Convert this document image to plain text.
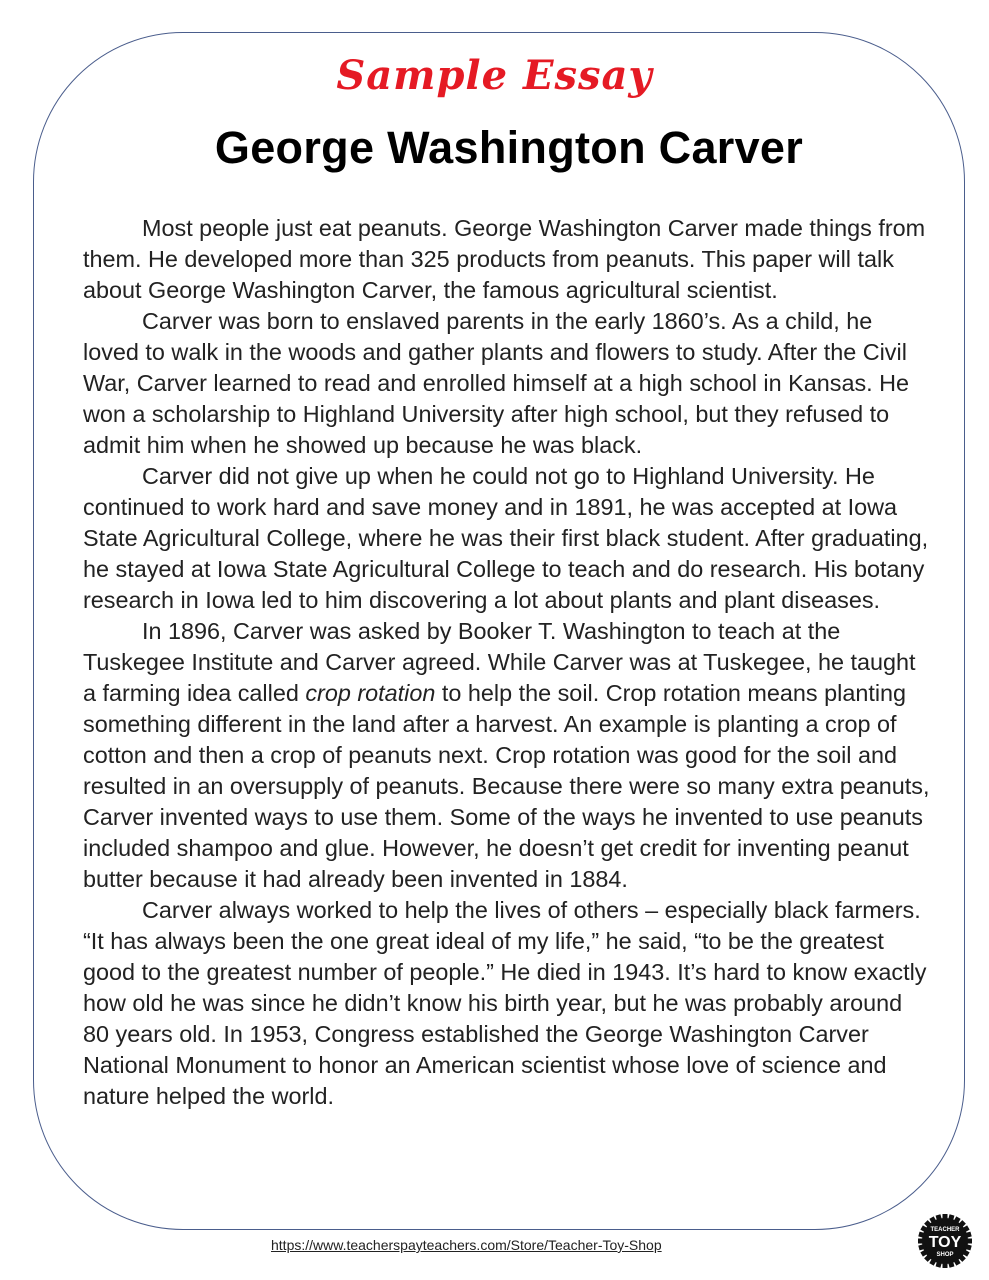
Sample Essay
George Washington Carver

Most people just eat peanuts. George Washington Carver made things from them. He developed more than 325 products from peanuts. This paper will talk about George Washington Carver, the famous agricultural scientist.

Carver was born to enslaved parents in the early 1860’s. As a child, he loved to walk in the woods and gather plants and flowers to study. After the Civil War, Carver learned to read and enrolled himself at a high school in Kansas. He won a scholarship to Highland University after high school, but they refused to admit him when he showed up because he was black.

Carver did not give up when he could not go to Highland University. He continued to work hard and save money and in 1891, he was accepted at Iowa State Agricultural College, where he was their first black student. After graduating, he stayed at Iowa State Agricultural College to teach and do research. His botany research in Iowa led to him discovering a lot about plants and plant diseases.

In 1896, Carver was asked by Booker T. Washington to teach at the Tuskegee Institute and Carver agreed. While Carver was at Tuskegee, he taught a farming idea called crop rotation to help the soil. Crop rotation means planting something different in the land after a harvest. An example is planting a crop of cotton and then a crop of peanuts next. Crop rotation was good for the soil and resulted in an oversupply of peanuts. Because there were so many extra peanuts, Carver invented ways to use them. Some of the ways he invented to use peanuts included shampoo and glue. However, he doesn’t get credit for inventing peanut butter because it had already been invented in 1884.

Carver always worked to help the lives of others – especially black farmers. “It has always been the one great ideal of my life,” he said, “to be the greatest good to the greatest number of people.” He died in 1943. It’s hard to know exactly how old he was since he didn’t know his birth year, but he was probably around 80 years old. In 1953, Congress established the George Washington Carver National Monument to honor an American scientist whose love of science and nature helped the world.

https://www.teacherspayteachers.com/Store/Teacher-Toy-Shop
TEACHER
TOY
SHOP
